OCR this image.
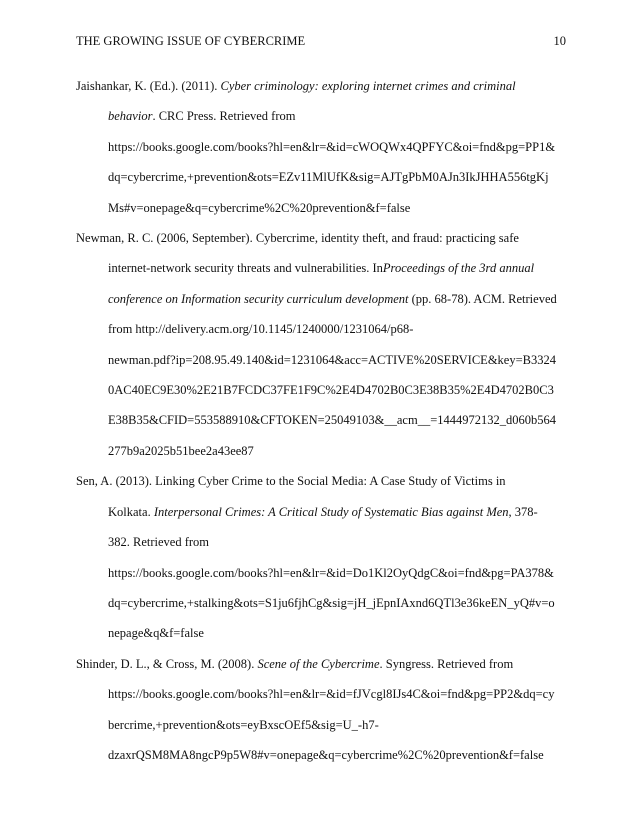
THE GROWING ISSUE OF CYBERCRIME	10
Jaishankar, K. (Ed.). (2011). Cyber criminology: exploring internet crimes and criminal
behavior. CRC Press. Retrieved from
https://books.google.com/books?hl=en&lr=&id=cWOQWx4QPFYC&oi=fnd&pg=PP1&
dq=cybercrime,+prevention&ots=EZv11MlUfK&sig=AJTgPbM0AJn3IkJHHA556tgKj
Ms#v=onepage&q=cybercrime%2C%20prevention&f=false
Newman, R. C. (2006, September). Cybercrime, identity theft, and fraud: practicing safe
internet-network security threats and vulnerabilities. InProceedings of the 3rd annual
conference on Information security curriculum development (pp. 68-78). ACM. Retrieved
from http://delivery.acm.org/10.1145/1240000/1231064/p68-
newman.pdf?ip=208.95.49.140&id=1231064&acc=ACTIVE%20SERVICE&key=B3324
0AC40EC9E30%2E21B7FCDC37FE1F9C%2E4D4702B0C3E38B35%2E4D4702B0C3
E38B35&CFID=553588910&CFTOKEN=25049103&__acm__=1444972132_d060b564
277b9a2025b51bee2a43ee87
Sen, A. (2013). Linking Cyber Crime to the Social Media: A Case Study of Victims in
Kolkata. Interpersonal Crimes: A Critical Study of Systematic Bias against Men, 378-
382. Retrieved from
https://books.google.com/books?hl=en&lr=&id=Do1Kl2OyQdgC&oi=fnd&pg=PA378&
dq=cybercrime,+stalking&ots=S1ju6fjhCg&sig=jH_jEpnIAxnd6QTl3e36keEN_yQ#v=o
nepage&q&f=false
Shinder, D. L., & Cross, M. (2008). Scene of the Cybercrime. Syngress. Retrieved from
https://books.google.com/books?hl=en&lr=&id=fJVcgl8IJs4C&oi=fnd&pg=PP2&dq=cy
bercrime,+prevention&ots=eyBxscOEf5&sig=U_-h7-
dzaxrQSM8MA8ngcP9p5W8#v=onepage&q=cybercrime%2C%20prevention&f=false
